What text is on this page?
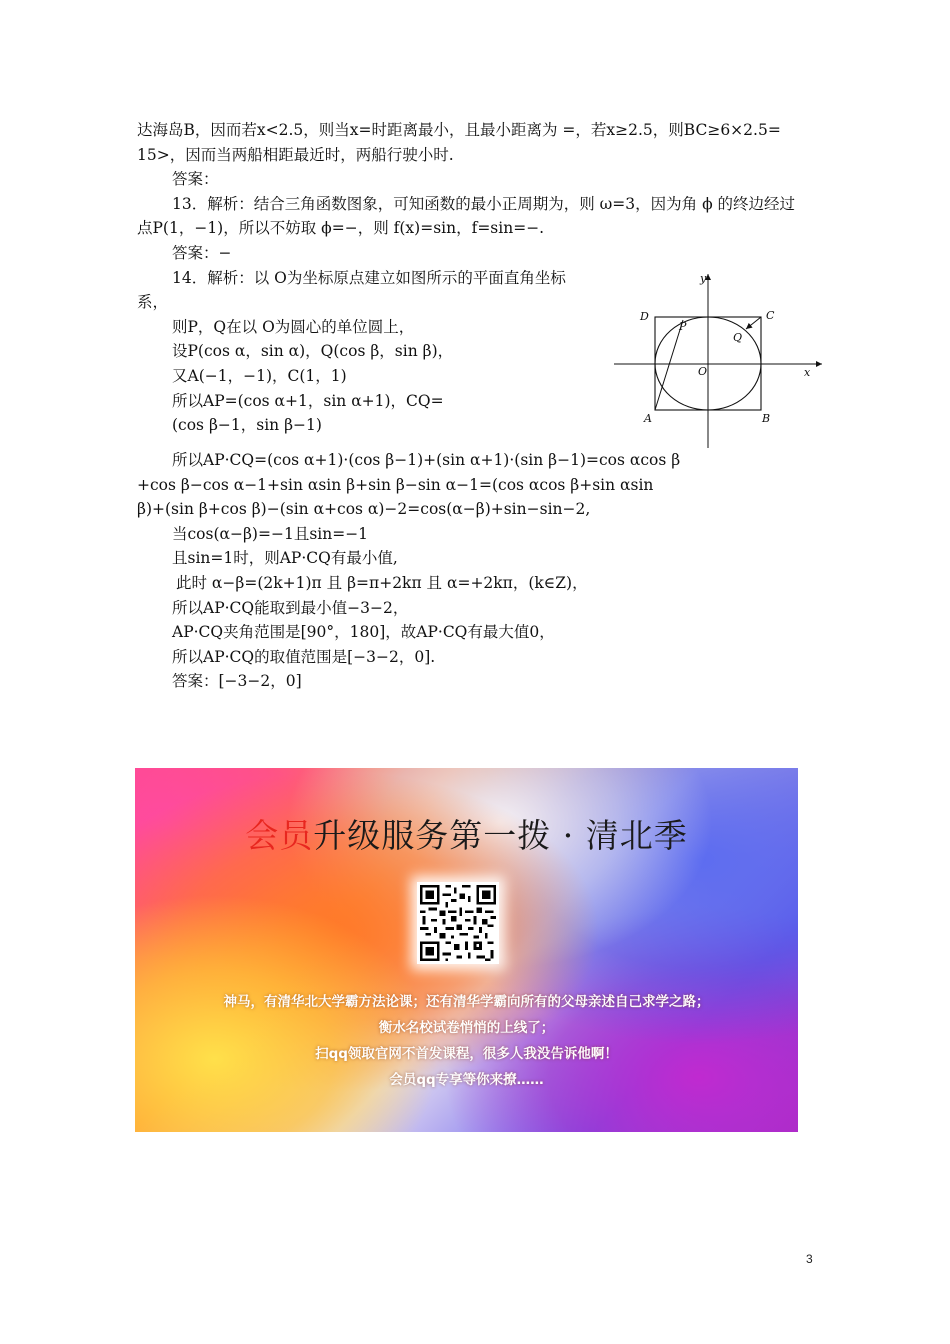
达海岛B，因而若x<2.5，则当x=时距离最小，且最小距离为 =，若x≥2.5，则BC≥6×2.5=
15>，因而当两船相距最近时，两船行驶小时.
答案：
13．解析：结合三角函数图象，可知函数的最小正周期为，则 ω=3，因为角 ϕ 的终边经过
点P(1，−1)，所以不妨取 ϕ=−，则 f(x)=sin，f=sin=−.
答案：−
14．解析：以 O为坐标原点建立如图所示的平面直角坐标
系，
则P，Q在以 O为圆心的单位圆上，
设P(cos α，sin α)，Q(cos β，sin β)，
又A(−1，−1)，C(1，1)
所以AP=(cos α+1，sin α+1)，CQ=
(cos β−1，sin β−1)
所以AP·CQ=(cos α+1)·(cos β−1)+(sin α+1)·(sin β−1)=cos αcos β
+cos β−cos α−1+sin αsin β+sin β−sin α−1=(cos αcos β+sin αsin
β)+(sin β+cos β)−(sin α+cos α)−2=cos(α−β)+sin−sin−2,
当cos(α−β)=−1且sin=−1
且sin=1时，则AP·CQ有最小值,
此时 α−β=(2k+1)π 且 β=π+2kπ 且 α=+2kπ，(k∈Z)，
所以AP·CQ能取到最小值−3−2，
AP·CQ夹角范围是[90°，180]，故AP·CQ有最大值0，
所以AP·CQ的取值范围是[−3−2，0].
答案：[−3−2，0]
y
x
D	C
P
Q
O
A	B
会员升级服务第一拨 · 清北季
神马，有清华北大学霸方法论课；还有清华学霸向所有的父母亲述自己求学之路；
衡水名校试卷悄悄的上线了；
扫qq领取官网不首发课程，很多人我没告诉他啊！
会员qq专享等你来撩……
3
